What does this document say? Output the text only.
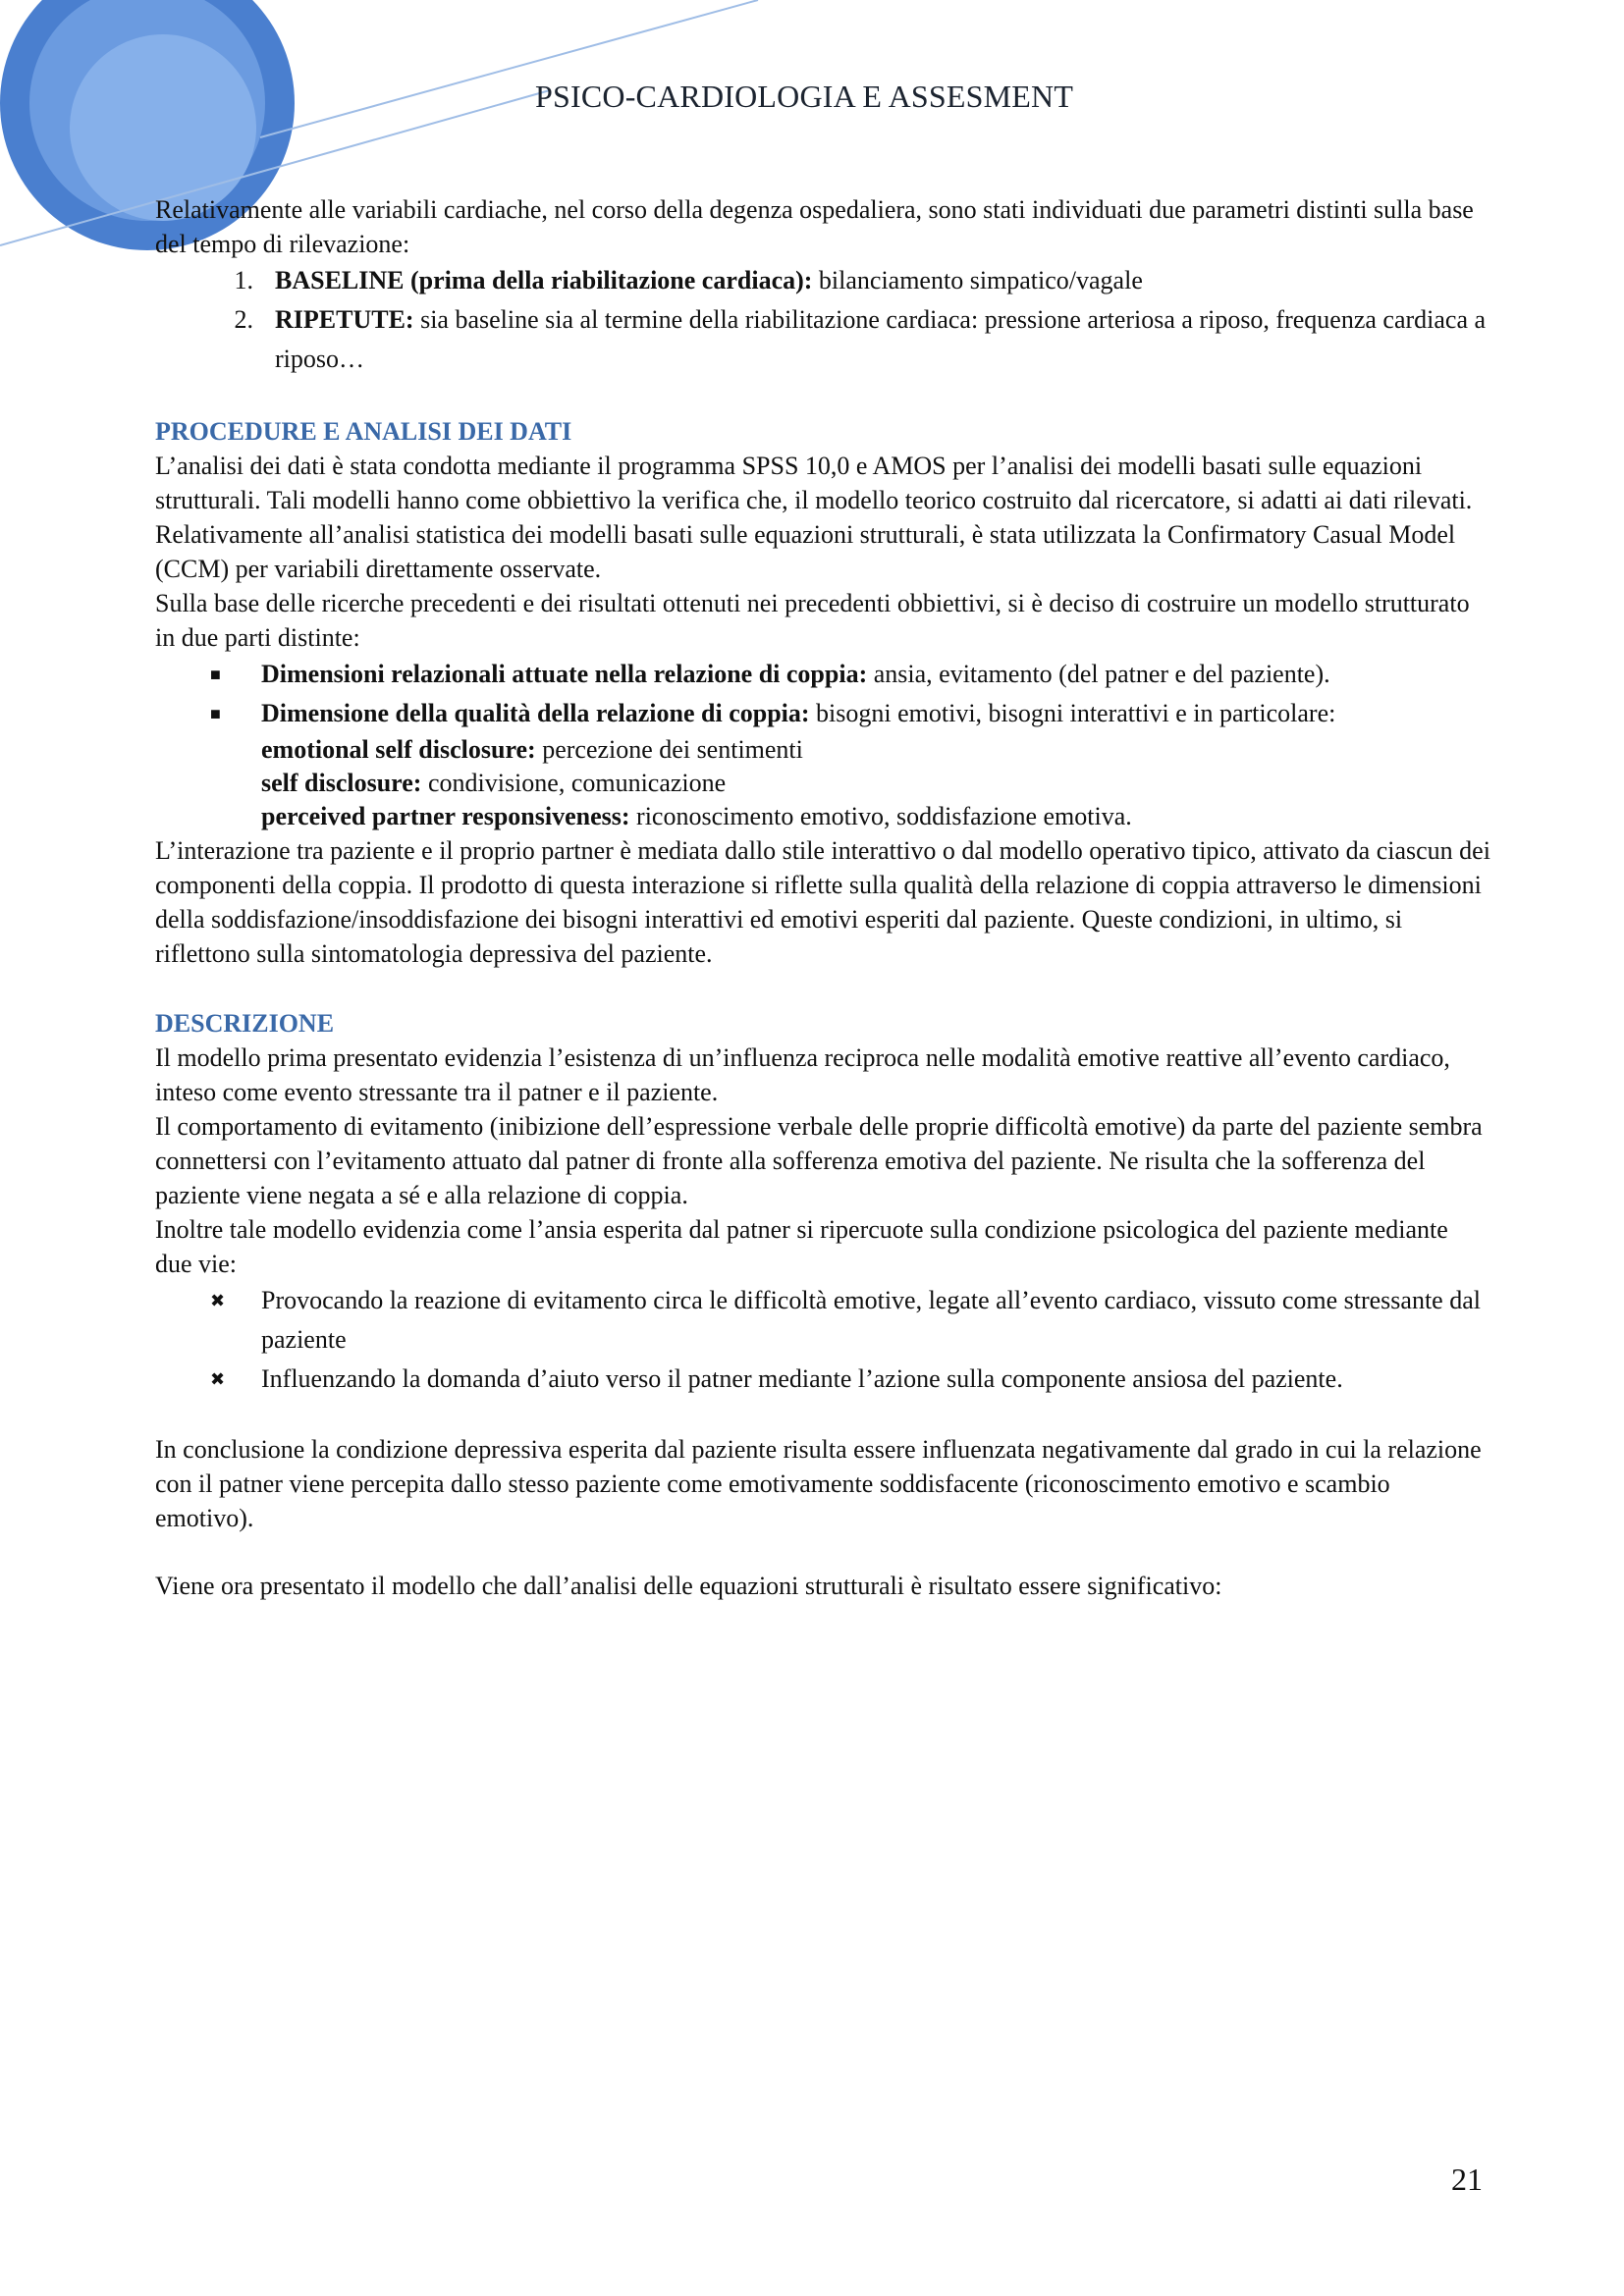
PSICO-CARDIOLOGIA E ASSESMENT

Relativamente alle variabili cardiache, nel corso della degenza ospedaliera, sono stati individuati due parametri distinti sulla base del tempo di rilevazione:

1. BASELINE (prima della riabilitazione cardiaca): bilanciamento simpatico/vagale
2. RIPETUTE: sia baseline sia al termine della riabilitazione cardiaca: pressione arteriosa a riposo, frequenza cardiaca a riposo…
PROCEDURE E ANALISI DEI DATI

L’analisi dei dati è stata condotta mediante il programma SPSS 10,0 e AMOS per l’analisi dei modelli basati sulle equazioni strutturali. Tali modelli hanno come obbiettivo la verifica che, il modello teorico costruito dal ricercatore, si adatti ai dati rilevati. Relativamente all’analisi statistica dei modelli basati sulle equazioni strutturali, è stata utilizzata la Confirmatory Casual Model (CCM) per variabili direttamente osservate.

Sulla base delle ricerche precedenti e dei risultati ottenuti nei precedenti obbiettivi, si è deciso di costruire un modello strutturato in due parti distinte:

■	Dimensioni relazionali attuate nella relazione di coppia: ansia, evitamento (del patner e del paziente).
■	Dimensione della qualità della relazione di coppia: bisogni emotivi, bisogni interattivi e in particolare:
emotional self disclosure: percezione dei sentimenti
self disclosure: condivisione, comunicazione
perceived partner responsiveness: riconoscimento emotivo, soddisfazione emotiva.

L’interazione tra paziente e il proprio partner è mediata dallo stile interattivo o dal modello operativo tipico, attivato da ciascun dei componenti della coppia. Il prodotto di questa interazione si riflette sulla qualità della relazione di coppia attraverso le dimensioni della soddisfazione/insoddisfazione dei bisogni interattivi ed emotivi esperiti dal paziente. Queste condizioni, in ultimo, si riflettono sulla sintomatologia depressiva del paziente.

DESCRIZIONE

Il modello prima presentato evidenzia l’esistenza di un’influenza reciproca nelle modalità emotive reattive all’evento cardiaco, inteso come evento stressante tra il patner e il paziente.

Il comportamento di evitamento (inibizione dell’espressione verbale delle proprie difficoltà emotive) da parte del paziente sembra connettersi con l’evitamento attuato dal patner di fronte alla sofferenza emotiva del paziente. Ne risulta che la sofferenza del paziente viene negata a sé e alla relazione di coppia.

Inoltre tale modello evidenzia come l’ansia esperita dal patner si ripercuote sulla condizione psicologica del paziente mediante due vie:

✖	Provocando la reazione di evitamento circa le difficoltà emotive, legate all’evento cardiaco, vissuto come stressante dal paziente
✖	Influenzando la domanda d’aiuto verso il patner mediante l’azione sulla componente ansiosa del paziente.

In conclusione la condizione depressiva esperita dal paziente risulta essere influenzata negativamente dal grado in cui la relazione con il patner viene percepita dallo stesso paziente come emotivamente soddisfacente (riconoscimento emotivo e scambio emotivo).

Viene ora presentato il modello che dall’analisi delle equazioni strutturali è risultato essere significativo:

21
